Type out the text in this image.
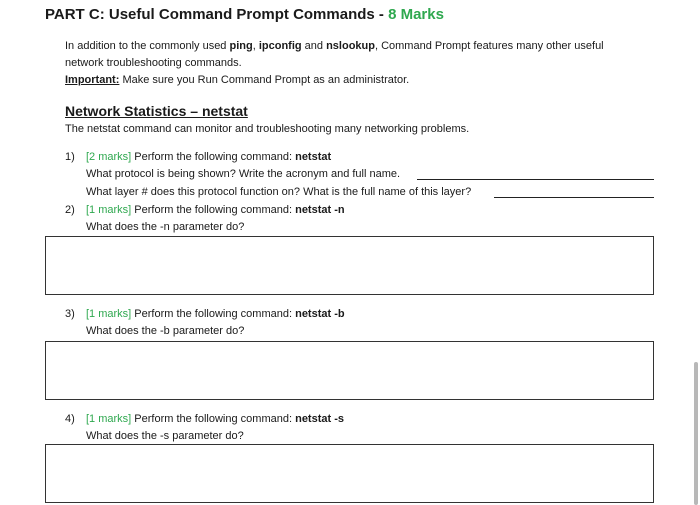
PART C: Useful Command Prompt Commands - 8 Marks
In addition to the commonly used ping, ipconfig and nslookup, Command Prompt features many other useful
network troubleshooting commands.
Important: Make sure you Run Command Prompt as an administrator.
Network Statistics – netstat
The netstat command can monitor and troubleshooting many networking problems.
1) [2 marks] Perform the following command: netstat
What protocol is being shown? Write the acronym and full name.
What layer # does this protocol function on? What is the full name of this layer?
2) [1 marks] Perform the following command: netstat -n
What does the -n parameter do?
3) [1 marks] Perform the following command: netstat -b
What does the -b parameter do?
4) [1 marks] Perform the following command: netstat -s
What does the -s parameter do?
